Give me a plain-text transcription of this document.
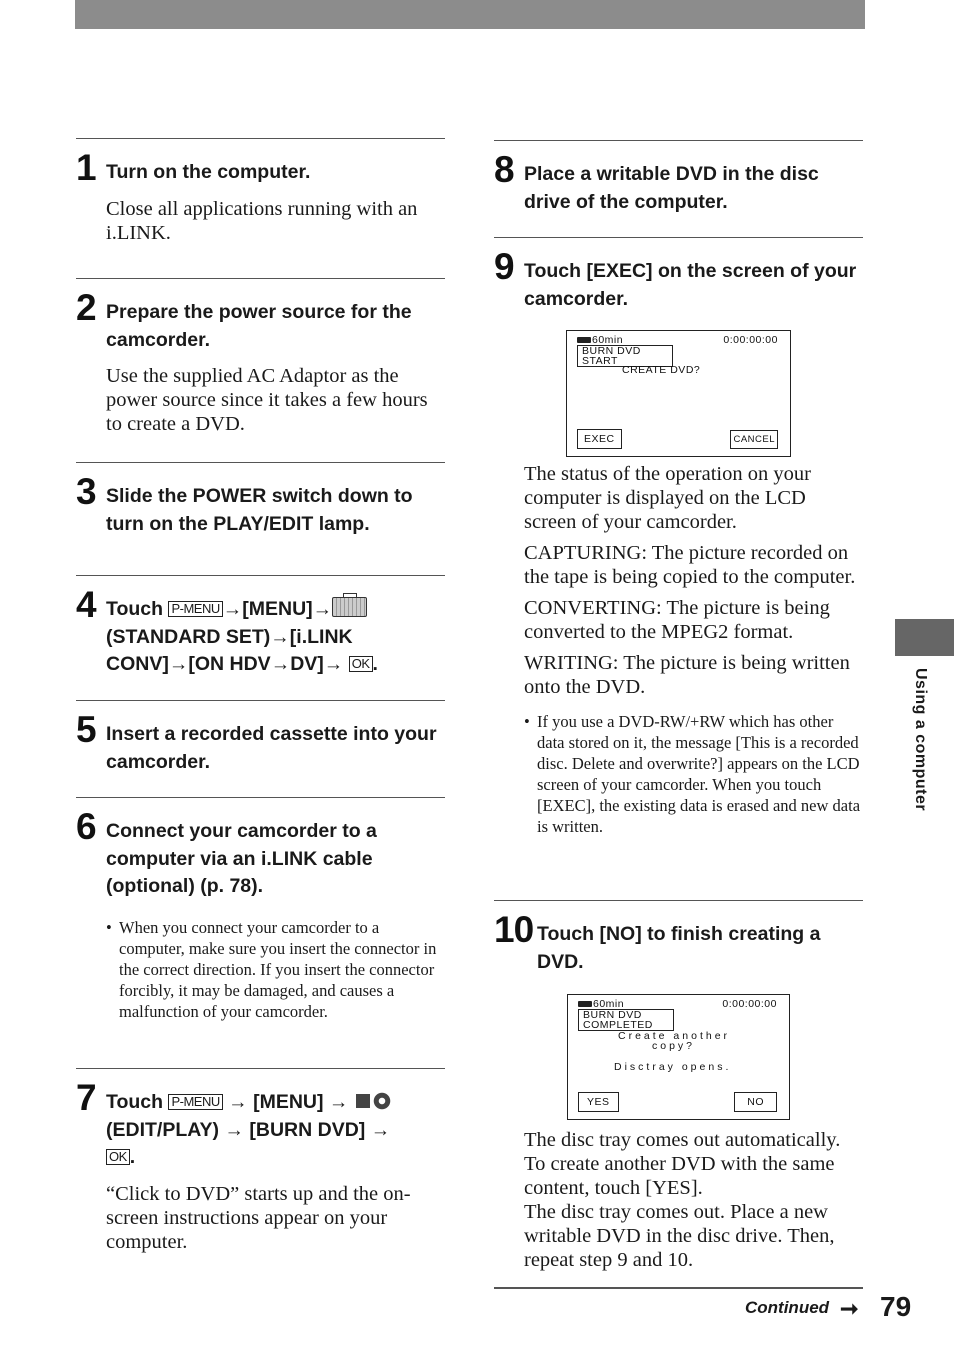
1 Turn on the computer.

Close all applications running with an i.LINK.

2 Prepare the power source for the camcorder.

Use the supplied AC Adaptor as the power source since it takes a few hours to create a DVD.

3 Slide the POWER switch down to turn on the PLAY/EDIT lamp.
4 Touch P-MENU →[MENU]→
(STANDARD SET)→[i.LINK CONV]→[ON HDV→DV]→ OK .
5 Insert a recorded cassette into your camcorder.
6 Connect your camcorder to a computer via an i.LINK cable (optional) (p. 78).
• When you connect your camcorder to a computer, make sure you insert the connector in the correct direction. If you insert the connector forcibly, it may be damaged, and causes a malfunction of your camcorder.
7 Touch P-MENU → [MENU] →
(EDIT/PLAY) → [BURN DVD] →
OK .

“Click to DVD” starts up and the on-screen instructions appear on your computer.

8 Place a writable DVD in the disc drive of the computer.
9 Touch [EXEC] on the screen of your camcorder.
60min	0:00:00:00
BURN DVD
START
CREATE DVD?
EXEC	CANCEL

The status of the operation on your computer is displayed on the LCD screen of your camcorder.

CAPTURING: The picture recorded on the tape is being copied to the computer.

CONVERTING: The picture is being converted to the MPEG2 format.

WRITING: The picture is being written onto the DVD.

• If you use a DVD-RW/+RW which has other data stored on it, the message [This is a recorded disc. Delete and overwrite?] appears on the LCD screen of your camcorder. When you touch [EXEC], the existing data is erased and new data is written.
10 Touch [NO] to finish creating a DVD.
60min	0:00:00:00
BURN DVD
COMPLETED
Create another
copy?
Disctray opens.
YES	NO

The disc tray comes out automatically. To create another DVD with the same content, touch [YES].

The disc tray comes out. Place a new writable DVD in the disc drive. Then, repeat step 9 and 10.

Continued ➞ 79
Using a computer
